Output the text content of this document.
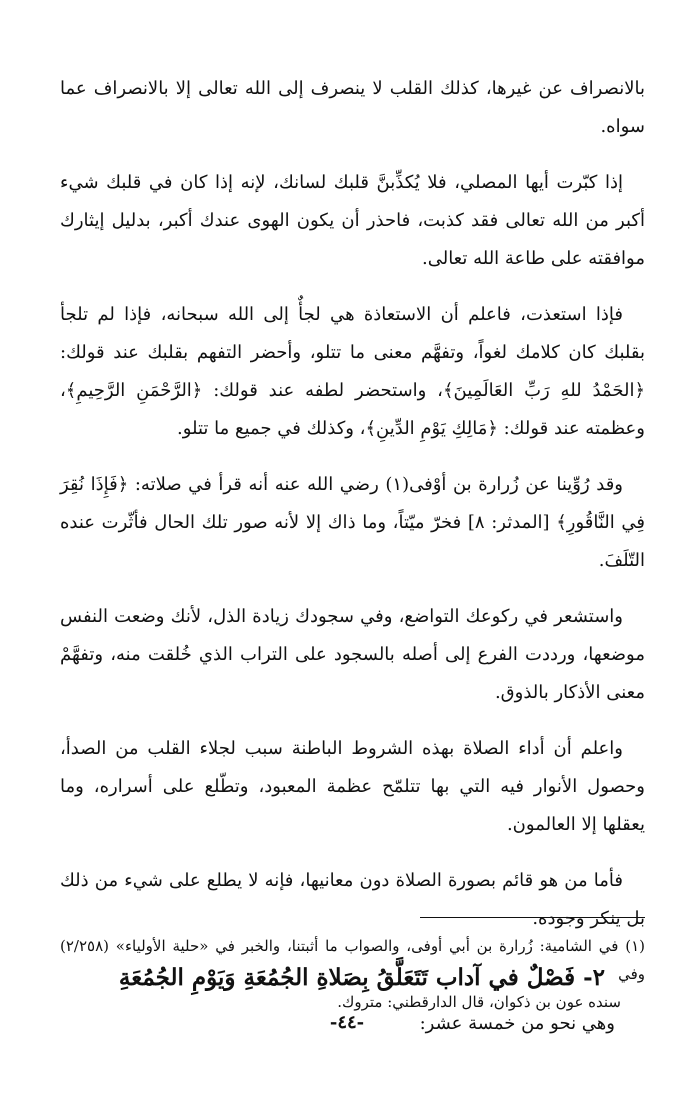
بالانصراف عن غيرها، كذلك القلب لا ينصرف إلى الله تعالى إلا بالانصراف عما سواه.

إذا كبّرت أيها المصلي، فلا يُكذِّبنَّ قلبك لسانك، لإنه إذا كان في قلبك شيء أكبر من الله تعالى فقد كذبت، فاحذر أن يكون الهوى عندك أكبر، بدليل إيثارك موافقته على طاعة الله تعالى.

فإذا استعذت، فاعلم أن الاستعاذة هي لجأٌ إلى الله سبحانه، فإذا لم تلجأ بقلبك كان كلامك لغواً، وتفهَّم معنى ما تتلو، وأحضر التفهم بقلبك عند قولك: ﴿الحَمْدُ للهِ رَبِّ العَالَمِينَ﴾، واستحضر لطفه عند قولك: ﴿الرَّحْمَنِ الرَّحِيمِ﴾، وعظمته عند قولك: ﴿مَالِكِ يَوْمِ الدِّينِ﴾، وكذلك في جميع ما تتلو.

وقد رُوِّينا عن زُرارة بن أوْفى(١) رضي الله عنه أنه قرأ في صلاته: ﴿فَإِذَا نُقِرَ فِي النَّاقُورِ﴾ [المدثر: ٨] فخرّ ميّتاً، وما ذاك إلا لأنه صور تلك الحال فأثّرت عنده التّلَفَ.

واستشعر في ركوعك التواضع، وفي سجودك زيادة الذل، لأنك وضعت النفس موضعها، ورددت الفرع إلى أصله بالسجود على التراب الذي خُلقت منه، وتفهَّمْ معنى الأذكار بالذوق.

واعلم أن أداء الصلاة بهذه الشروط الباطنة سبب لجلاء القلب من الصدأ، وحصول الأنوار فيه التي بها تتلمّح عظمة المعبود، وتطّلع على أسراره، وما يعقلها إلا العالمون.

فأما من هو قائم بصورة الصلاة دون معانيها، فإنه لا يطلع على شيء من ذلك بل ينكر وجوده.

٢- فَصْلٌ في آداب تَتَعَلَّقُ بِصَلاةِ الجُمُعَةِ وَيَوْمِ الجُمُعَةِ

وهي نحو من خمسة عشر:

(١) في الشامية: زُرارة بن أبي أوفى، والصواب ما أثبتنا، والخبر في «حلية الأولياء» (٢/٢٥٨) وفي

سنده عون بن ذكوان، قال الدارقطني: متروك.

-٤٤-
